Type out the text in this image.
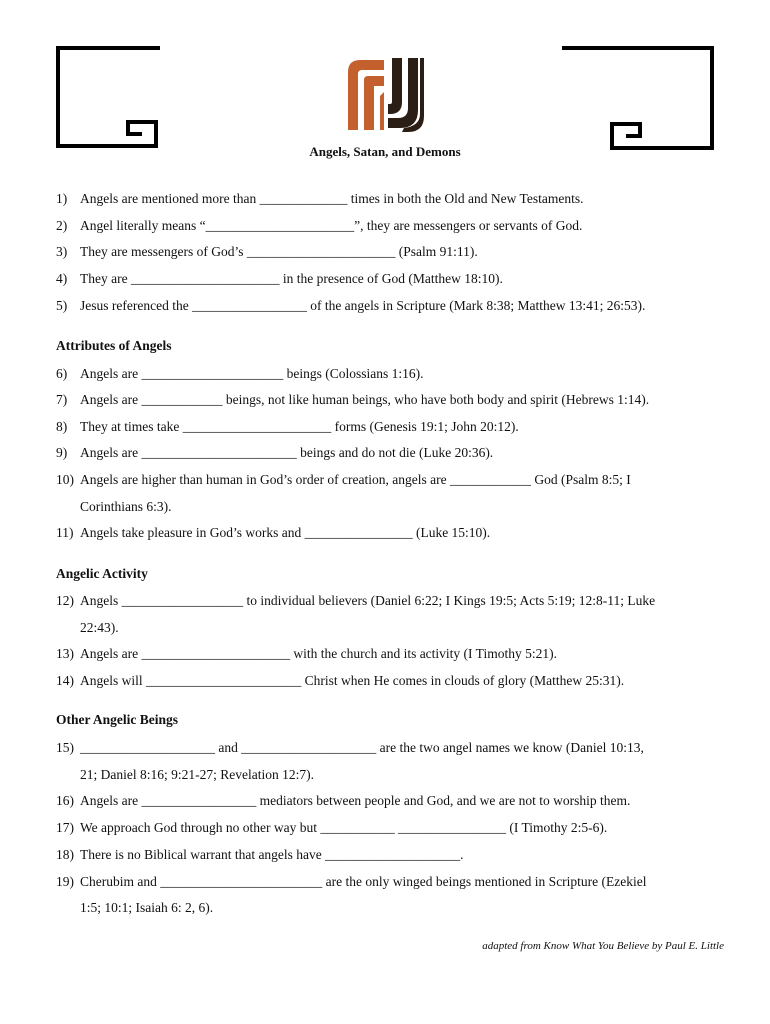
Angels, Satan, and Demons
1) Angels are mentioned more than _____________ times in both the Old and New Testaments.
2) Angel literally means “______________________”, they are messengers or servants of God.
3) They are messengers of God’s ______________________ (Psalm 91:11).
4) They are ______________________ in the presence of God (Matthew 18:10).
5) Jesus referenced the _________________ of the angels in Scripture (Mark 8:38; Matthew 13:41; 26:53).
Attributes of Angels
6) Angels are _____________________ beings (Colossians 1:16).
7) Angels are ____________ beings, not like human beings, who have both body and spirit (Hebrews 1:14).
8) They at times take ______________________ forms (Genesis 19:1; John 20:12).
9) Angels are _______________________ beings and do not die (Luke 20:36).
10) Angels are higher than human in God’s order of creation, angels are ____________ God (Psalm 8:5; I
Corinthians 6:3).
11) Angels take pleasure in God’s works and ________________ (Luke 15:10).
Angelic Activity
12) Angels __________________ to individual believers (Daniel 6:22; I Kings 19:5; Acts 5:19; 12:8-11; Luke
22:43).
13) Angels are ______________________ with the church and its activity (I Timothy 5:21).
14) Angels will _______________________ Christ when He comes in clouds of glory (Matthew 25:31).
Other Angelic Beings
15) ____________________ and ____________________ are the two angel names we know (Daniel 10:13,
21; Daniel 8:16; 9:21-27; Revelation 12:7).
16) Angels are _________________ mediators between people and God, and we are not to worship them.
17) We approach God through no other way but ___________ ________________ (I Timothy 2:5-6).
18) There is no Biblical warrant that angels have ____________________.
19) Cherubim and ________________________ are the only winged beings mentioned in Scripture (Ezekiel
1:5; 10:1; Isaiah 6: 2, 6).
adapted from Know What You Believe by Paul E. Little
